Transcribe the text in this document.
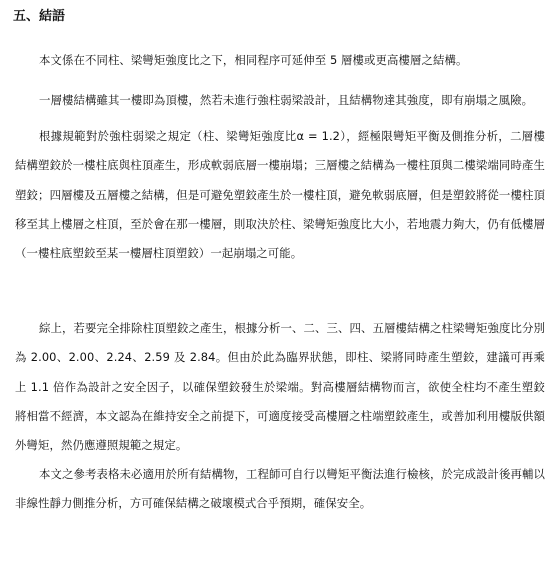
五、結語

本文係在不同柱、梁彎矩強度比之下，相同程序可延伸至 5 層樓或更高樓層之結構。

一層樓結構雖其一樓即為頂樓，然若未進行強柱弱梁設計，且結構物達其強度，即有崩塌之風險。

根據規範對於強柱弱梁之規定（柱、梁彎矩強度比α = 1.2），經極限彎矩平衡及側推分析，二層樓結構塑鉸於一樓柱底與柱頂產生，形成軟弱底層一樓崩塌；三層樓之結構為一樓柱頂與二樓梁端同時產生塑鉸；四層樓及五層樓之結構，但是可避免塑鉸產生於一樓柱頂，避免軟弱底層，但是塑鉸將從一樓柱頂移至其上樓層之柱頂，至於會在那一樓層，則取決於柱、梁彎矩強度比大小，若地震力夠大，仍有低樓層（一樓柱底塑鉸至某一樓層柱頂塑鉸）一起崩塌之可能。

綜上，若要完全排除柱頂塑鉸之產生，根據分析一、二、三、四、五層樓結構之柱梁彎矩強度比分別為 2.00、2.00、2.24、2.59 及 2.84。但由於此為臨界狀態，即柱、梁將同時產生塑鉸，建議可再乘上 1.1 倍作為設計之安全因子，以確保塑鉸發生於梁端。對高樓層結構物而言，欲使全柱均不產生塑鉸將相當不經濟，本文認為在維持安全之前提下，可適度接受高樓層之柱端塑鉸產生，或善加利用樓版供額外彎矩，然仍應遵照規範之規定。

本文之參考表格未必適用於所有結構物，工程師可自行以彎矩平衡法進行檢核，於完成設計後再輔以非線性靜力側推分析，方可確保結構之破壞模式合乎預期，確保安全。
